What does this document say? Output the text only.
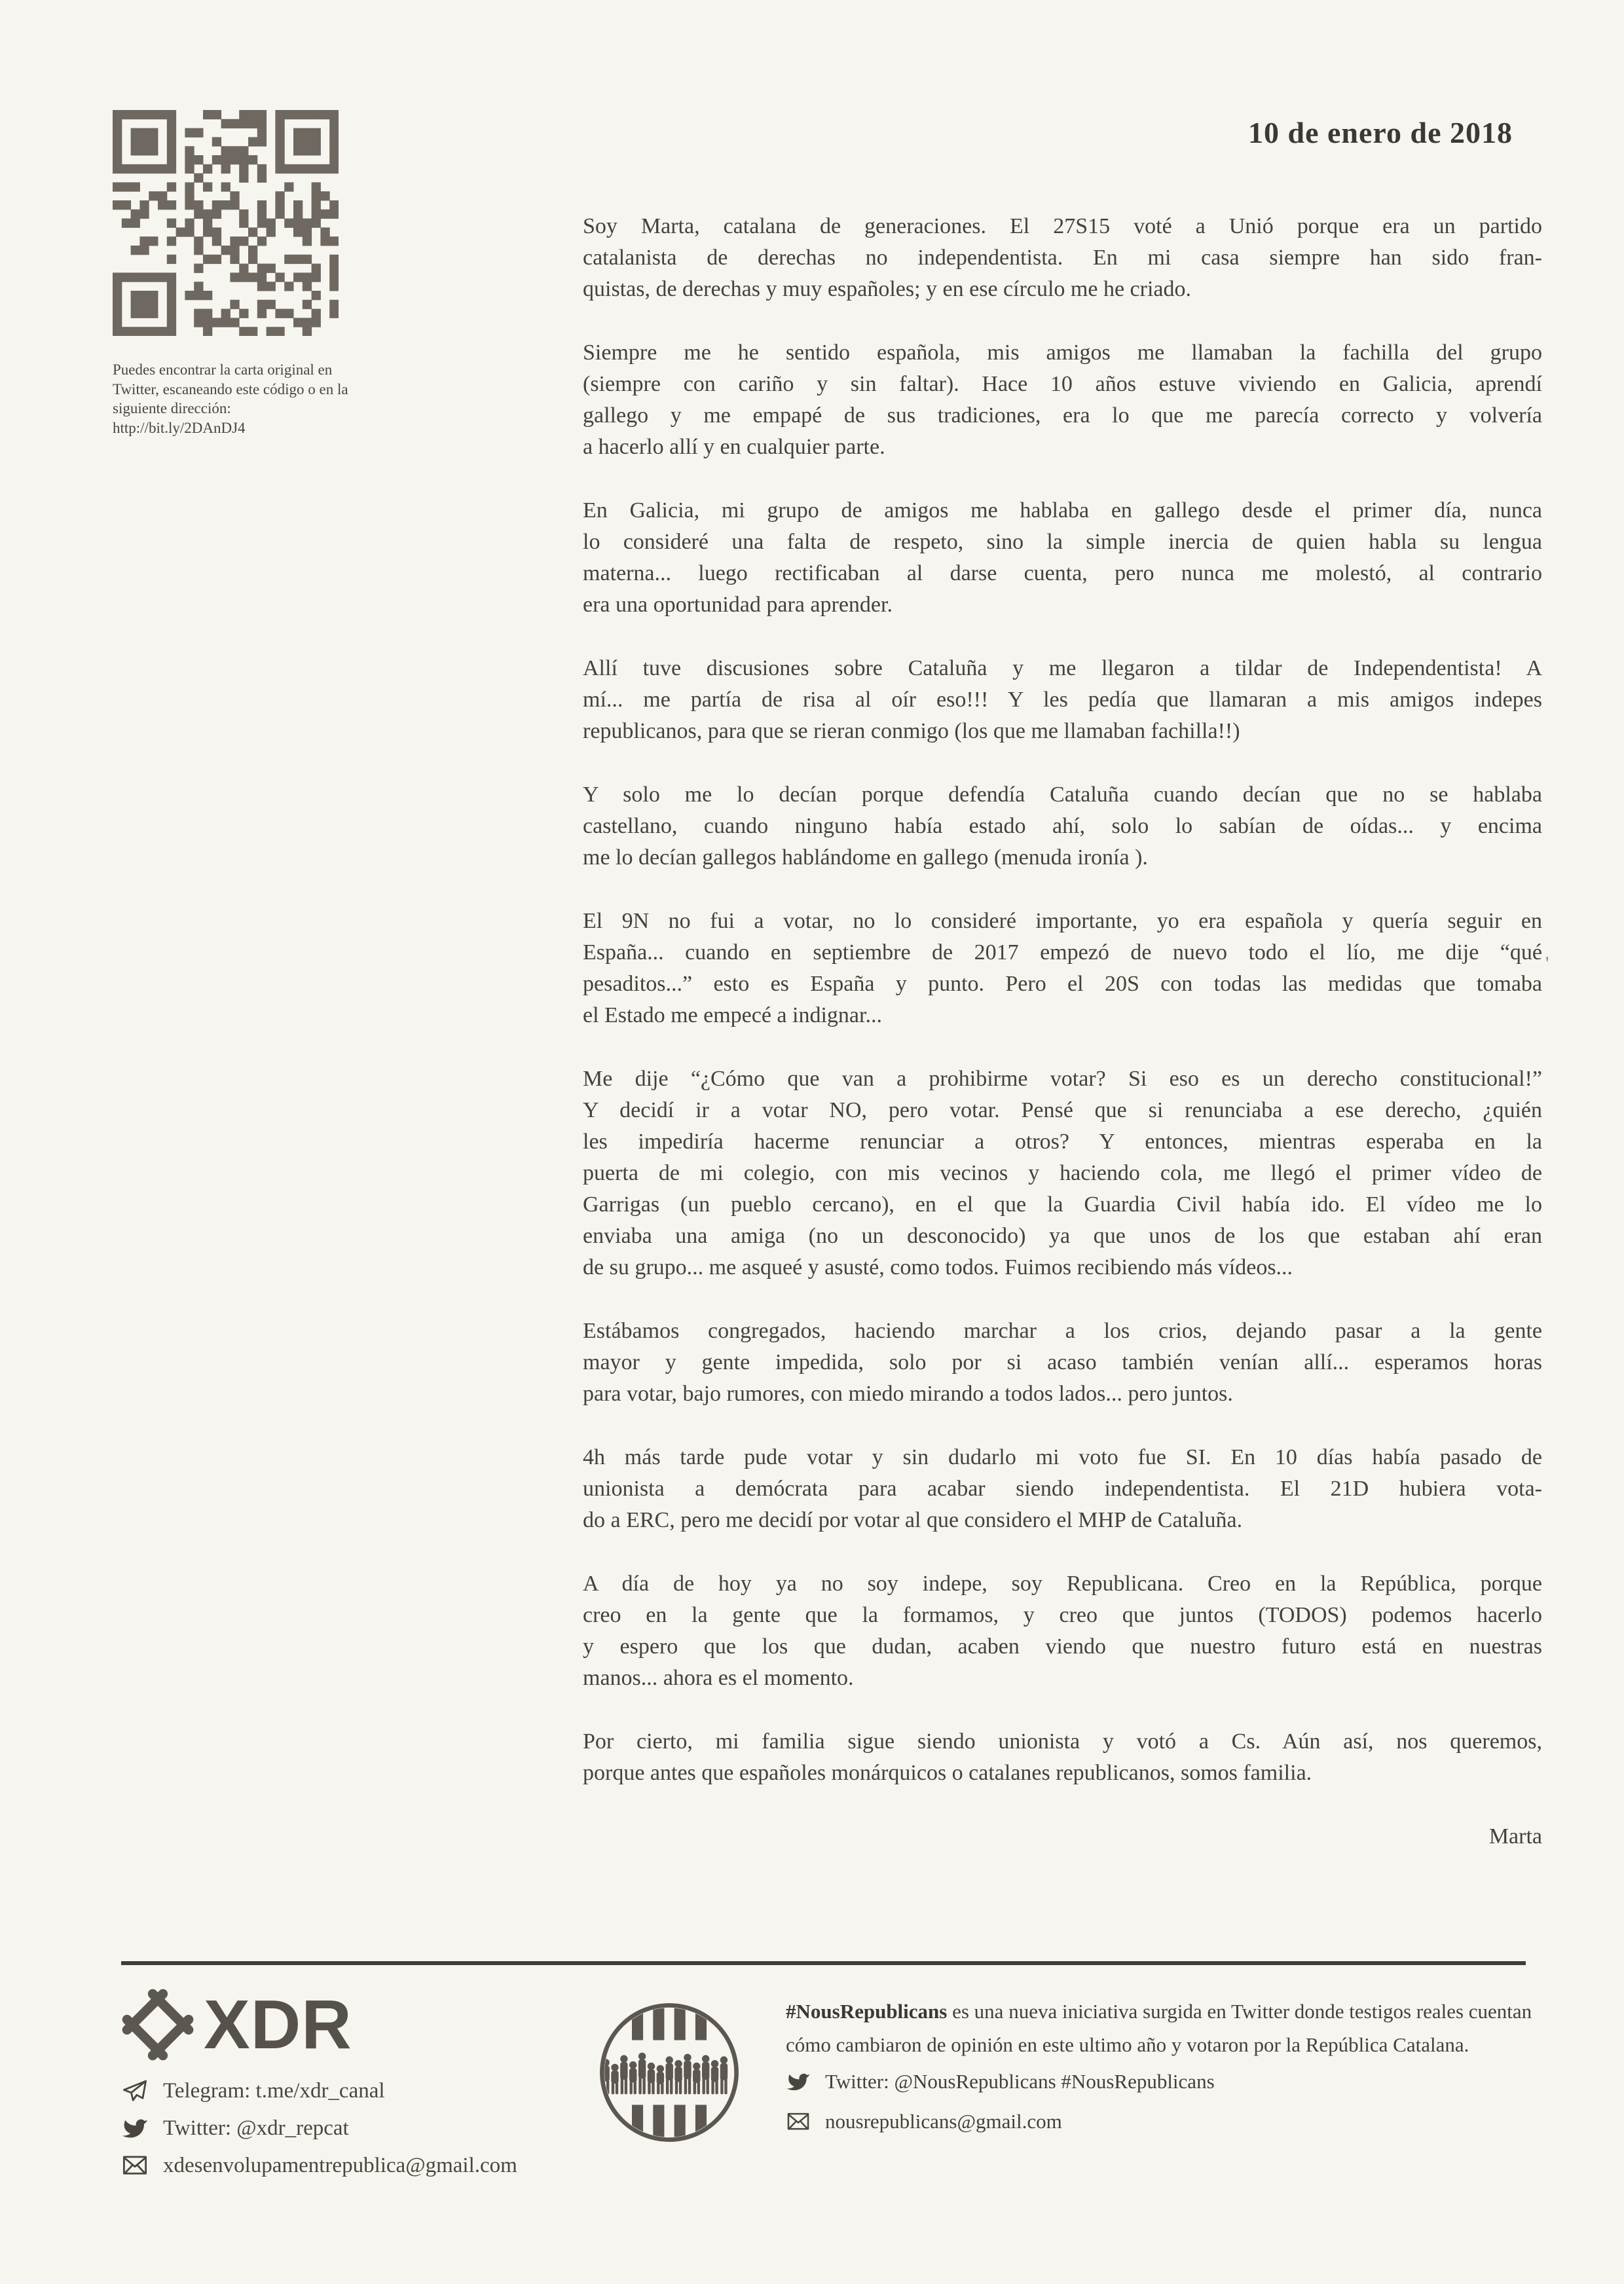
10 de enero de 2018
Puedes encontrar la carta original en
Twitter, escaneando este código o en la
siguiente dirección:
http://bit.ly/2DAnDJ4
Soy Marta, catalana de generaciones. El 27S15 voté a Unió porque era un partido
catalanista de derechas no independentista. En mi casa siempre han sido fran-
quistas, de derechas y muy españoles; y en ese círculo me he criado.
Siempre me he sentido española, mis amigos me llamaban la fachilla del grupo
(siempre con cariño y sin faltar). Hace 10 años estuve viviendo en Galicia, aprendí
gallego y me empapé de sus tradiciones, era lo que me parecía correcto y volvería
a hacerlo allí y en cualquier parte.
En Galicia, mi grupo de amigos me hablaba en gallego desde el primer día, nunca
lo consideré una falta de respeto, sino la simple inercia de quien habla su lengua
materna... luego rectificaban al darse cuenta, pero nunca me molestó, al contrario
era una oportunidad para aprender.
Allí tuve discusiones sobre Cataluña y me llegaron a tildar de Independentista! A
mí... me partía de risa al oír eso!!! Y les pedía que llamaran a mis amigos indepes
republicanos, para que se rieran conmigo (los que me llamaban fachilla!!)
Y solo me lo decían porque defendía Cataluña cuando decían que no se hablaba
castellano, cuando ninguno había estado ahí, solo lo sabían de oídas... y encima
me lo decían gallegos hablándome en gallego (menuda ironía ).
El 9N no fui a votar, no lo consideré importante, yo era española y quería seguir en
España... cuando en septiembre de 2017 empezó de nuevo todo el lío, me dije “qué
pesaditos...” esto es España y punto. Pero el 20S con todas las medidas que tomaba
el Estado me empecé a indignar...
Me dije “¿Cómo que van a prohibirme votar? Si eso es un derecho constitucional!”
Y decidí ir a votar NO, pero votar. Pensé que si renunciaba a ese derecho, ¿quién
les impediría hacerme renunciar a otros? Y entonces, mientras esperaba en la
puerta de mi colegio, con mis vecinos y haciendo cola, me llegó el primer vídeo de
Garrigas (un pueblo cercano), en el que la Guardia Civil había ido. El vídeo me lo
enviaba una amiga (no un desconocido) ya que unos de los que estaban ahí eran
de su grupo... me asqueé y asusté, como todos. Fuimos recibiendo más vídeos...
Estábamos congregados, haciendo marchar a los crios, dejando pasar a la gente
mayor y gente impedida, solo por si acaso también venían allí... esperamos horas
para votar, bajo rumores, con miedo mirando a todos lados... pero juntos.
4h más tarde pude votar y sin dudarlo mi voto fue SI. En 10 días había pasado de
unionista a demócrata para acabar siendo independentista. El 21D hubiera vota-
do a ERC, pero me decidí por votar al que considero el MHP de Cataluña.
A día de hoy ya no soy indepe, soy Republicana. Creo en la República, porque
creo en la gente que la formamos, y creo que juntos (TODOS) podemos hacerlo
y espero que los que dudan, acaben viendo que nuestro futuro está en nuestras
manos... ahora es el momento.
Por cierto, mi familia sigue siendo unionista y votó a Cs. Aún así, nos queremos,
porque antes que españoles monárquicos o catalanes republicanos, somos familia.
Marta
'
XDR
Telegram: t.me/xdr_canal
Twitter: @xdr_repcat
xdesenvolupamentrepublica@gmail.com
#NousRepublicans es una nueva iniciativa surgida en Twitter donde testigos reales cuentan cómo cambiaron de opinión en este ultimo año y votaron por la República Catalana.
Twitter: @NousRepublicans #NousRepublicans
nousrepublicans@gmail.com
